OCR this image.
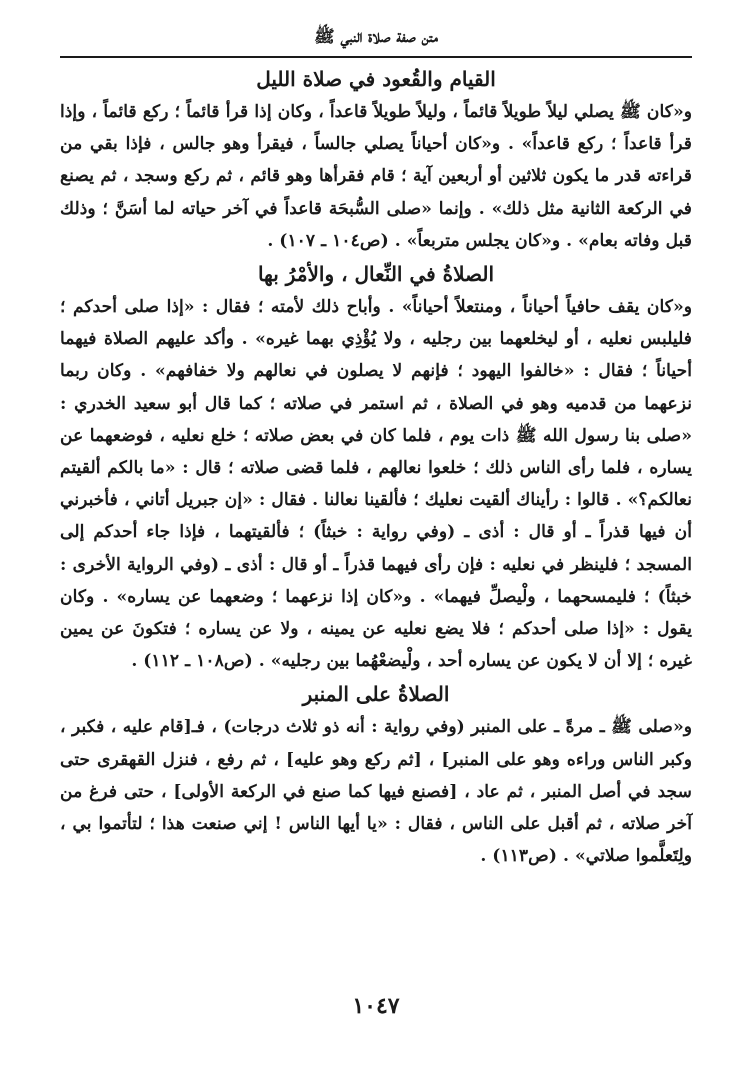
متن صفة صلاة النبي ﷺ
القيام والقُعود في صلاة الليل

و«كان ﷺ يصلي ليلاً طويلاً قائماً ، وليلاً طويلاً قاعداً ، وكان إذا قرأ قائماً ؛ ركع قائماً ، وإذا قرأ قاعداً ؛ ركع قاعداً» . و«كان أحياناً يصلي جالساً ، فيقرأ وهو جالس ، فإذا بقي من قراءته قدر ما يكون ثلاثين أو أربعين آية ؛ قام فقرأها وهو قائم ، ثم ركع وسجد ، ثم يصنع في الركعة الثانية مثل ذلك» . وإنما «صلى السُّبحَة قاعداً في آخر حياته لما أسَنَّ ؛ وذلك قبل وفاته بعام» . و«كان يجلس متربعاً» . (ص١٠٤ ـ ١٠٧) .

الصلاةُ في النِّعال ، والأمْرُ بها

و«كان يقف حافياً أحياناً ، ومنتعلاً أحياناً» . وأباح ذلك لأمته ؛ فقال : «إذا صلى أحدكم ؛ فليلبس نعليه ، أو ليخلعهما بين رجليه ، ولا يُؤْذِي بهما غيره» . وأكد عليهم الصلاة فيهما أحياناً ؛ فقال : «خالفوا اليهود ؛ فإنهم لا يصلون في نعالهم ولا خفافهم» . وكان ربما نزعهما من قدميه وهو في الصلاة ، ثم استمر في صلاته ؛ كما قال أبو سعيد الخدري : «صلى بنا رسول الله ﷺ ذات يوم ، فلما كان في بعض صلاته ؛ خلع نعليه ، فوضعهما عن يساره ، فلما رأى الناس ذلك ؛ خلعوا نعالهم ، فلما قضى صلاته ؛ قال : «ما بالكم ألقيتم نعالكم؟» . قالوا : رأيناك ألقيت نعليك ؛ فألقينا نعالنا . فقال : «إن جبريل أتاني ، فأخبرني أن فيها قذراً ـ أو قال : أذى ـ (وفي رواية : خبثاً) ؛ فألقيتهما ، فإذا جاء أحدكم إلى المسجد ؛ فلينظر في نعليه : فإن رأى فيهما قذراً ـ أو قال : أذى ـ (وفي الرواية الأخرى : خبثاً) ؛ فليمسحهما ، ولْيصلِّ فيهما» . و«كان إذا نزعهما ؛ وضعهما عن يساره» . وكان يقول : «إذا صلى أحدكم ؛ فلا يضع نعليه عن يمينه ، ولا عن يساره ؛ فتكونَ عن يمين غيره ؛ إلا أن لا يكون عن يساره أحد ، ولْيضعْهُما بين رجليه» . (ص١٠٨ ـ ١١٢) .

الصلاةُ على المنبر

و«صلى ﷺ ـ مرةً ـ على المنبر (وفي رواية : أنه ذو ثلاث درجات) ، فـ[قام عليه ، فكبر ، وكبر الناس وراءه وهو على المنبر] ، [ثم ركع وهو عليه] ، ثم رفع ، فنزل القهقرى حتى سجد في أصل المنبر ، ثم عاد ، [فصنع فيها كما صنع في الركعة الأولى] ، حتى فرغ من آخر صلاته ، ثم أقبل على الناس ، فقال : «يا أيها الناس ! إني صنعت هذا ؛ لتأتموا بي ، ولِتَعلَّموا صلاتي» . (ص١١٣) .

١٠٤٧
